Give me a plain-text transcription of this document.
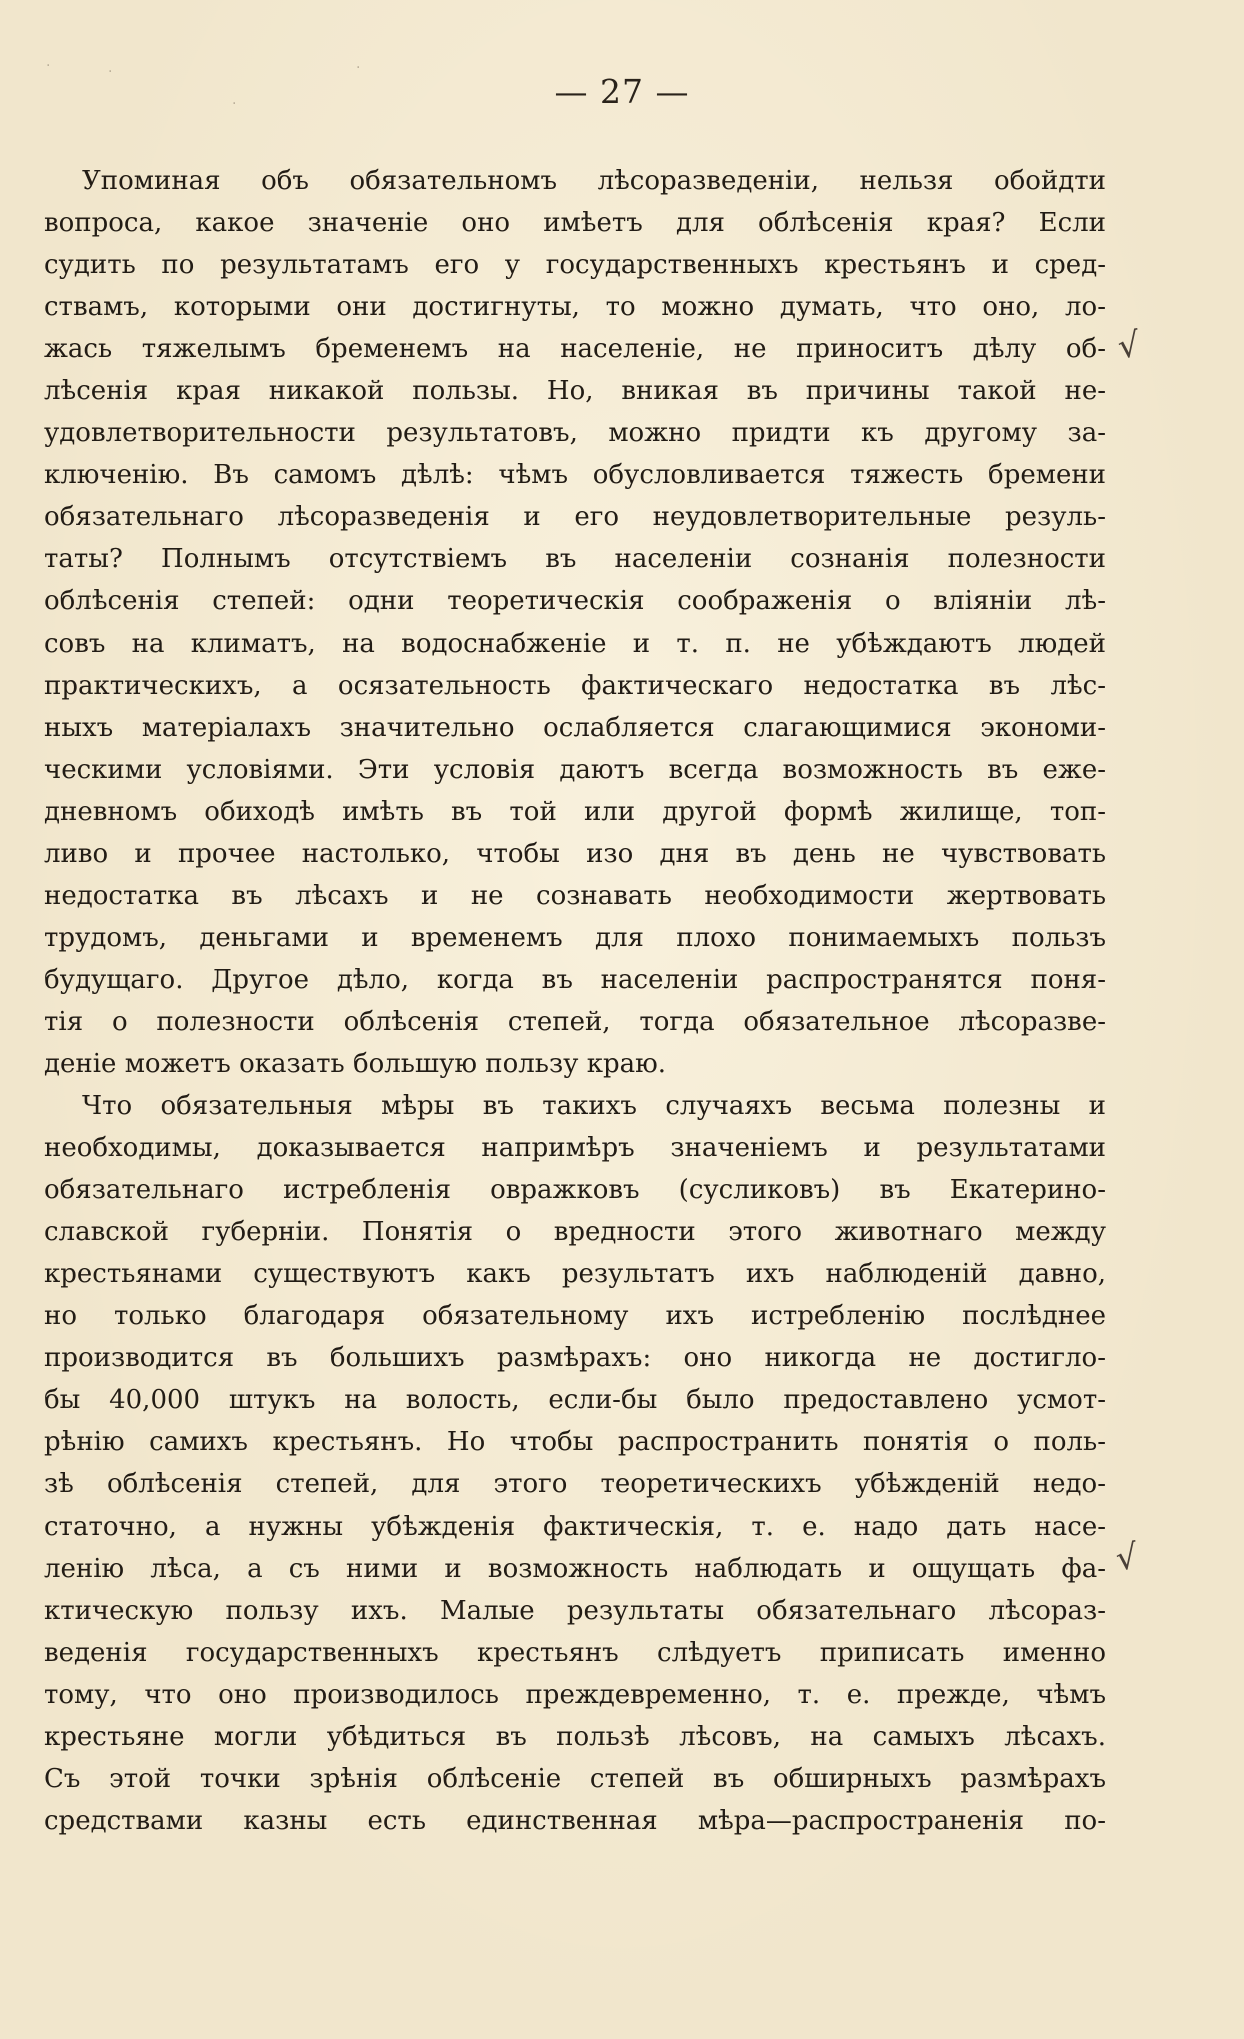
·	·
·
·
— 27 —
Упоминая объ обязательномъ лѣсоразведеніи, нельзя обойдти
вопроса, какое значеніе оно имѣетъ для облѣсенія края? Если
судить по результатамъ его у государственныхъ крестьянъ и сред-
ствамъ, которыми они достигнуты, то можно думать, что оно, ло-
жась тяжелымъ бременемъ на населеніе, не приноситъ дѣлу об-
лѣсенія края никакой пользы. Но, вникая въ причины такой не-
удовлетворительности результатовъ, можно придти къ другому за-
ключенію. Въ самомъ дѣлѣ: чѣмъ обусловливается тяжесть бремени
обязательнаго лѣсоразведенія и его неудовлетворительные резуль-
таты? Полнымъ отсутствіемъ въ населеніи сознанія полезности
облѣсенія степей: одни теоретическія соображенія о вліяніи лѣ-
совъ на климатъ, на водоснабженіе и т. п. не убѣждаютъ людей
практическихъ, а осязательность фактическаго недостатка въ лѣс-
ныхъ матеріалахъ значительно ослабляется слагающимися экономи-
ческими условіями. Эти условія даютъ всегда возможность въ еже-
дневномъ обиходѣ имѣть въ той или другой формѣ жилище, топ-
ливо и прочее настолько, чтобы изо дня въ день не чувствовать
недостатка въ лѣсахъ и не сознавать необходимости жертвовать
трудомъ, деньгами и временемъ для плохо понимаемыхъ пользъ
будущаго. Другое дѣло, когда въ населеніи распространятся поня-
тія о полезности облѣсенія степей, тогда обязательное лѣсоразве-
деніе можетъ оказать большую пользу краю.
Что обязательныя мѣры въ такихъ случаяхъ весьма полезны и
необходимы, доказывается напримѣръ значеніемъ и результатами
обязательнаго истребленія овражковъ (сусликовъ) въ Екатерино-
славской губерніи. Понятія о вредности этого животнаго между
крестьянами существуютъ какъ результатъ ихъ наблюденій давно,
но только благодаря обязательному ихъ истребленію послѣднее
производится въ большихъ размѣрахъ: оно никогда не достигло-
бы 40,000 штукъ на волость, если-бы было предоставлено усмот-
рѣнію самихъ крестьянъ. Но чтобы распространить понятія о поль-
зѣ облѣсенія степей, для этого теоретическихъ убѣжденій недо-
статочно, а нужны убѣжденія фактическія, т. е. надо дать насе-
ленію лѣса, а съ ними и возможность наблюдать и ощущать фа-
ктическую пользу ихъ. Малые результаты обязательнаго лѣсораз-
веденія государственныхъ крестьянъ слѣдуетъ приписать именно
тому, что оно производилось преждевременно, т. е. прежде, чѣмъ
крестьяне могли убѣдиться въ пользѣ лѣсовъ, на самыхъ лѣсахъ.
Съ этой точки зрѣнія облѣсеніе степей въ обширныхъ размѣрахъ
средствами казны есть единственная мѣра—распространенія по-
√
√
